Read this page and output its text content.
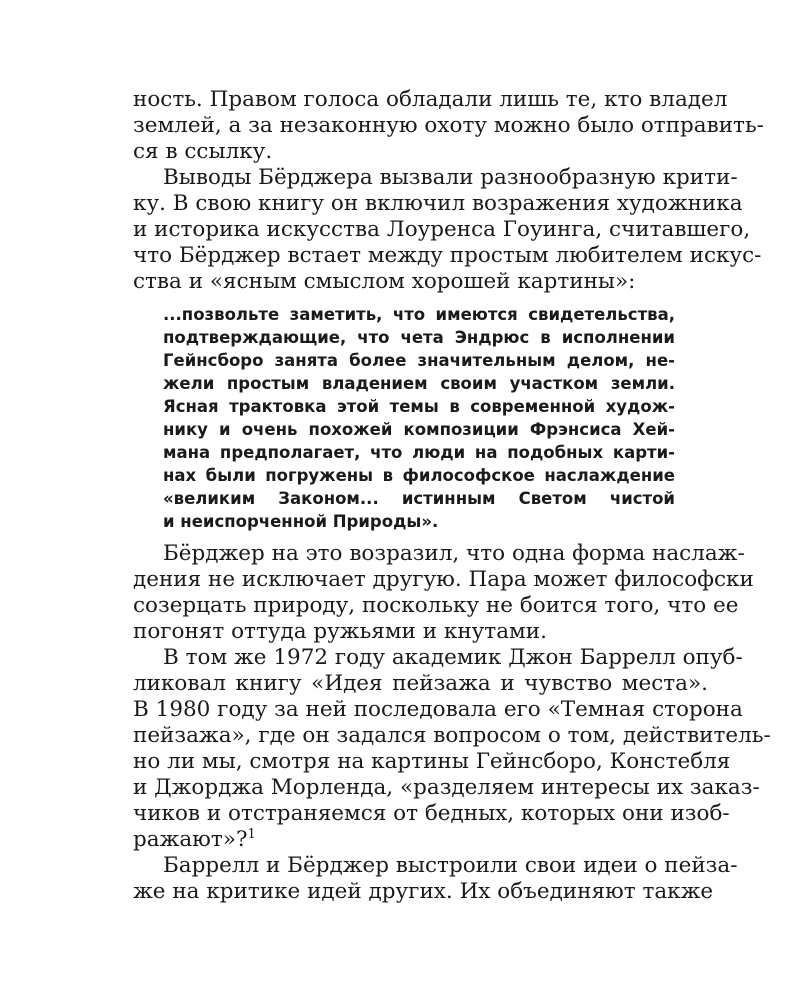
ность. Правом голоса обладали лишь те, кто владел
землей, а за незаконную охоту можно было отправить-
ся в ссылку.
Выводы Бёрджера вызвали разнообразную крити-
ку. В свою книгу он включил возражения художника
и историка искусства Лоуренса Гоуинга, считавшего,
что Бёрджер встает между простым любителем искус-
ства и «ясным смыслом хорошей картины»:
...позвольте заметить, что имеются свидетельства,
подтверждающие, что чета Эндрюс в исполнении
Гейнсборо занята более значительным делом, не-
жели простым владением своим участком земли.
Ясная трактовка этой темы в современной худож-
нику и очень похожей композиции Фрэнсиса Хей-
мана предполагает, что люди на подобных карти-
нах были погружены в философское наслаждение
«великим Законом... истинным Светом чистой
и неиспорченной Природы».
Бёрджер на это возразил, что одна форма наслаж-
дения не исключает другую. Пара может философски
созерцать природу, поскольку не боится того, что ее
погонят оттуда ружьями и кнутами.
В том же 1972 году академик Джон Баррелл опуб-
ликовал книгу «Идея пейзажа и чувство места».
В 1980 году за ней последовала его «Темная сторона
пейзажа», где он задался вопросом о том, действитель-
но ли мы, смотря на картины Гейнсборо, Констебля
и Джорджа Морленда, «разделяем интересы их заказ-
чиков и отстраняемся от бедных, которых они изоб-
ражают»?$^1$
Баррелл и Бёрджер выстроили свои идеи о пейза-
же на критике идей других. Их объединяют также
